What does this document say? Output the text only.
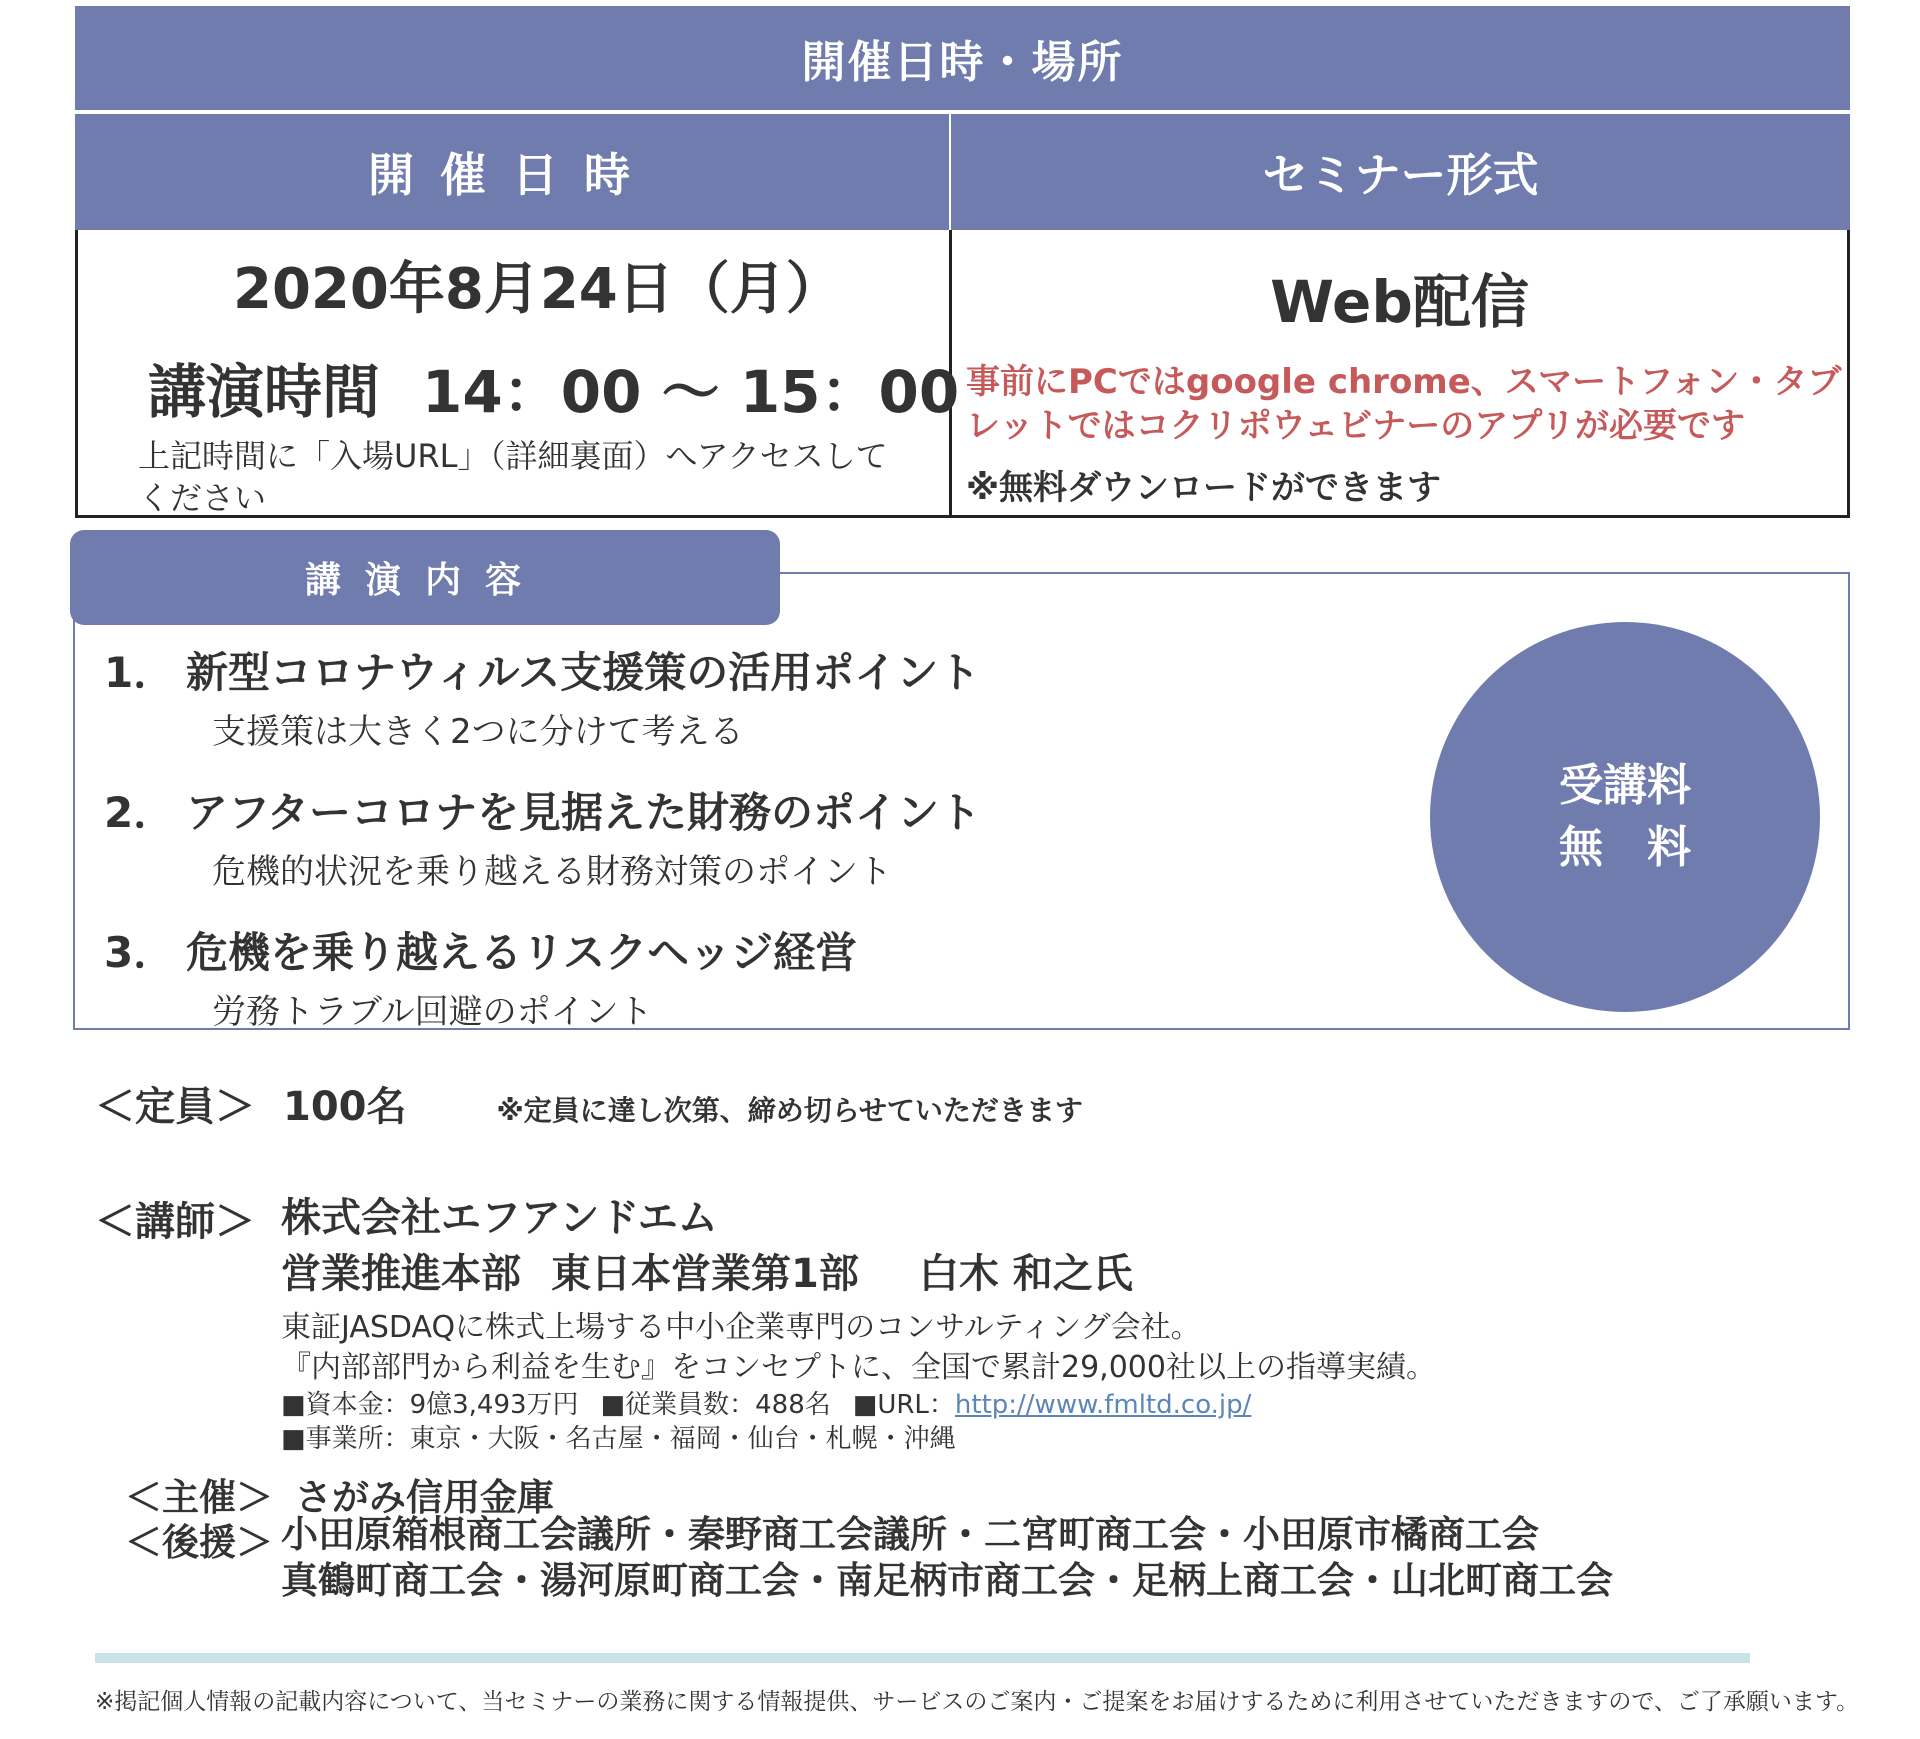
開催日時・場所
開催日時	セミナー形式
2020年8月24日（月）
講演時間 14：00 ～ 15：00
上記時間に「入場URL」（詳細裏面）へアクセスしてください
Web配信
事前にPCではgoogle chrome、スマートフォン・タブレットではコクリポウェビナーのアプリが必要です
※無料ダウンロードができます
講演内容
1． 新型コロナウィルス支援策の活用ポイント
支援策は大きく2つに分けて考える
2． アフターコロナを見据えた財務のポイント
危機的状況を乗り越える財務対策のポイント
3． 危機を乗り越えるリスクヘッジ経営
労務トラブル回避のポイント
受講料
無　料
＜定員＞ 100名	※定員に達し次第、締め切らせていただきます
＜講師＞ 株式会社エフアンドエム
営業推進本部 東日本営業第1部 白木 和之氏
東証JASDAQに株式上場する中小企業専門のコンサルティング会社。
『内部部門から利益を生む』をコンセプトに、全国で累計29,000社以上の指導実績。
■資本金：9億3,493万円 ■従業員数：488名 ■URL：http://www.fmltd.co.jp/
■事業所：東京・大阪・名古屋・福岡・仙台・札幌・沖縄
＜主催＞ さがみ信用金庫
＜後援＞ 小田原箱根商工会議所・秦野商工会議所・二宮町商工会・小田原市橘商工会
真鶴町商工会・湯河原町商工会・南足柄市商工会・足柄上商工会・山北町商工会
※掲記個人情報の記載内容について、当セミナーの業務に関する情報提供、サービスのご案内・ご提案をお届けするために利用させていただきますので、ご了承願います。
